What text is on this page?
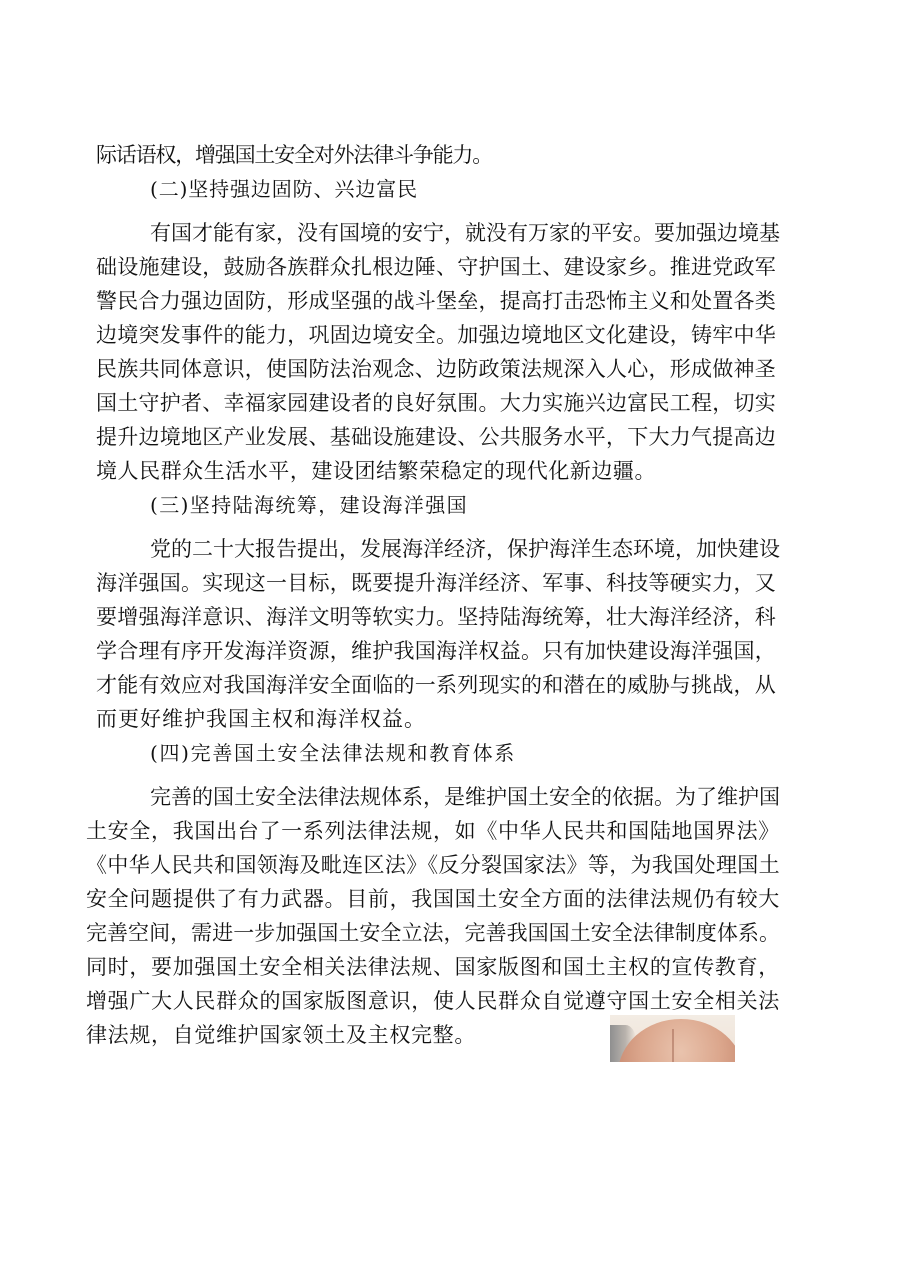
际话语权，增强国土安全对外法律斗争能力。
(二)坚持强边固防、兴边富民
有国才能有家，没有国境的安宁，就没有万家的平安。要加强边境基
础设施建设，鼓励各族群众扎根边陲、守护国土、建设家乡。推进党政军
警民合力强边固防，形成坚强的战斗堡垒，提高打击恐怖主义和处置各类
边境突发事件的能力，巩固边境安全。加强边境地区文化建设，铸牢中华
民族共同体意识，使国防法治观念、边防政策法规深入人心，形成做神圣
国土守护者、幸福家园建设者的良好氛围。大力实施兴边富民工程，切实
提升边境地区产业发展、基础设施建设、公共服务水平，下大力气提高边
境人民群众生活水平，建设团结繁荣稳定的现代化新边疆。
(三)坚持陆海统筹，建设海洋强国
党的二十大报告提出，发展海洋经济，保护海洋生态环境，加快建设
海洋强国。实现这一目标，既要提升海洋经济、军事、科技等硬实力，又
要增强海洋意识、海洋文明等软实力。坚持陆海统筹，壮大海洋经济，科
学合理有序开发海洋资源，维护我国海洋权益。只有加快建设海洋强国，
才能有效应对我国海洋安全面临的一系列现实的和潜在的威胁与挑战，从
而更好维护我国主权和海洋权益。
(四)完善国土安全法律法规和教育体系
完善的国土安全法律法规体系，是维护国土安全的依据。为了维护国
土安全，我国出台了一系列法律法规，如《中华人民共和国陆地国界法》
《中华人民共和国领海及毗连区法》《反分裂国家法》等，为我国处理国土
安全问题提供了有力武器。目前，我国国土安全方面的法律法规仍有较大
完善空间，需进一步加强国土安全立法，完善我国国土安全法律制度体系。
同时，要加强国土安全相关法律法规、国家版图和国土主权的宣传教育，
增强广大人民群众的国家版图意识，使人民群众自觉遵守国土安全相关法
律法规，自觉维护国家领土及主权完整。
